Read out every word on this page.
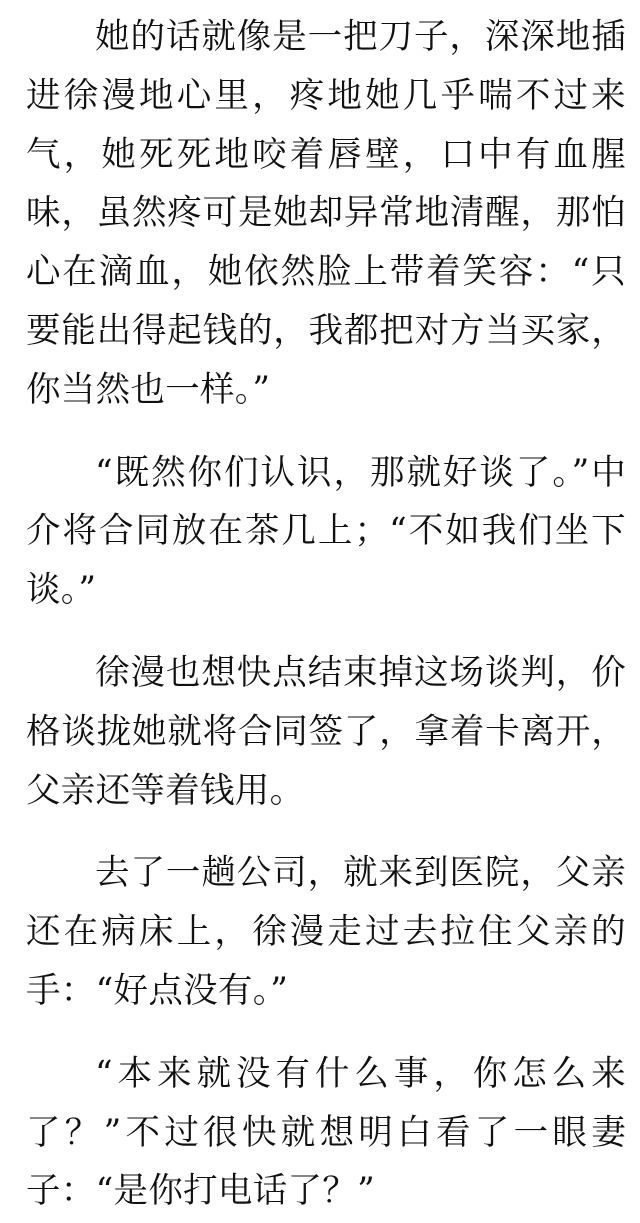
她的话就像是一把刀子，深深地插进徐漫地心里，疼地她几乎喘不过来气，她死死地咬着唇壁，口中有血腥味，虽然疼可是她却异常地清醒，那怕心在滴血，她依然脸上带着笑容：“只要能出得起钱的，我都把对方当买家，你当然也一样。”

“既然你们认识，那就好谈了。”中介将合同放在茶几上；“不如我们坐下谈。”

徐漫也想快点结束掉这场谈判，价格谈拢她就将合同签了，拿着卡离开，父亲还等着钱用。

去了一趟公司，就来到医院，父亲还在病床上，徐漫走过去拉住父亲的手：“好点没有。”

“本来就没有什么事，你怎么来了？”不过很快就想明白看了一眼妻子：“是你打电话了？”
